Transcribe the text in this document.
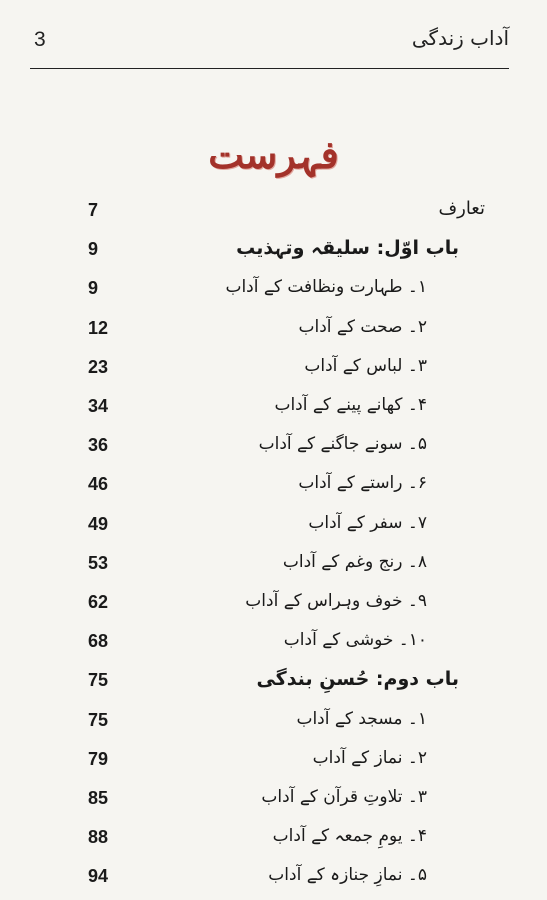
3	آداب زندگی
فہرست
7	تعارف
9	باب اوّل: سلیقہ وتہذیب
9	۱۔ طہارت ونظافت کے آداب
12	۲۔ صحت کے آداب
23	۳۔ لباس کے آداب
34	۴۔ کھانے پینے کے آداب
36	۵۔ سونے جاگنے کے آداب
46	۶۔ راستے کے آداب
49	۷۔ سفر کے آداب
53	۸۔ رنج وغم کے آداب
62	۹۔ خوف وہراس کے آداب
68	۱۰۔ خوشی کے آداب
75	باب دوم: حُسنِ بندگی
75	۱۔ مسجد کے آداب
79	۲۔ نماز کے آداب
85	۳۔ تلاوتِ قرآن کے آداب
88	۴۔ یومِ جمعہ کے آداب
94	۵۔ نمازِ جنازہ کے آداب
